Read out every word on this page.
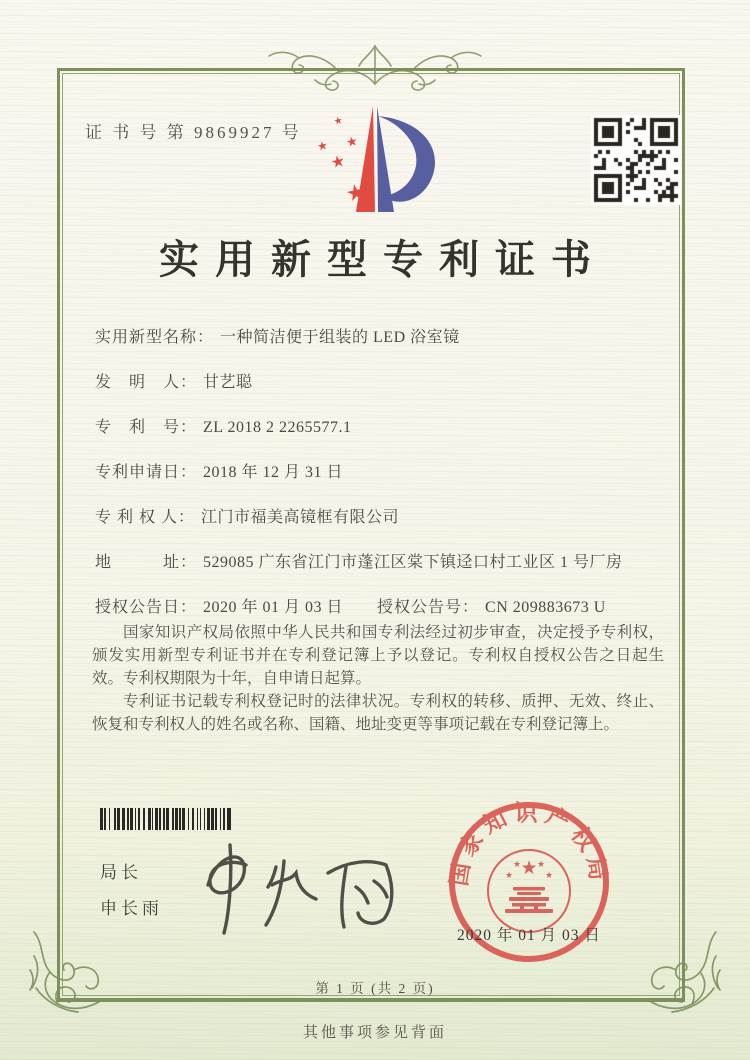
证 书 号 第 9869927 号
★
★
★ ★
★
实用新型专利证书
实用新型名称： 一种简洁便于组装的 LED 浴室镜
发　明　人： 甘艺聪
专　利　号： ZL 2018 2 2265577.1
专利申请日： 2018 年 12 月 31 日
专 利 权 人： 江门市福美高镜框有限公司
地　　　址： 529085 广东省江门市蓬江区棠下镇迳口村工业区 1 号厂房
授权公告日： 2020 年 01 月 03 日 授权公告号： CN 209883673 U

国家知识产权局依照中华人民共和国专利法经过初步审查，决定授予专利权，颁发实用新型专利证书并在专利登记簿上予以登记。专利权自授权公告之日起生效。专利权期限为十年，自申请日起算。

专利证书记载专利权登记时的法律状况。专利权的转移、质押、无效、终止、恢复和专利权人的姓名或名称、国籍、地址变更等事项记载在专利登记簿上。

局长
申长雨
国家知识产权局
★
★
★ ★
★
2020 年 01 月 03 日
第 1 页 (共 2 页)
其他事项参见背面
